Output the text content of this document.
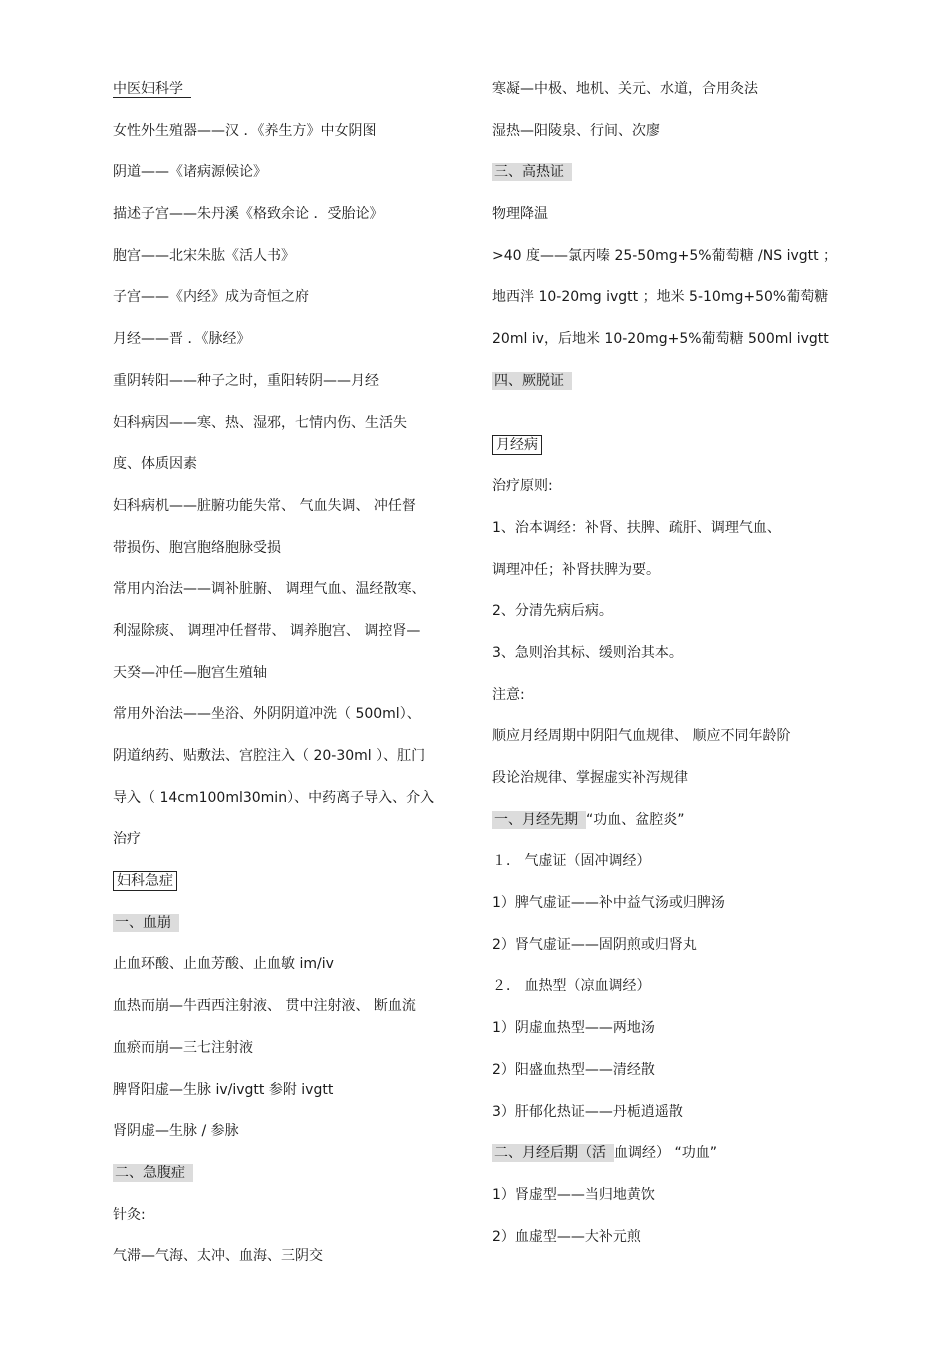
中医妇科学
女性外生殖器——汉 ．《养生方》中女阴图
阴道——《诸病源候论》
描述子宫——朱丹溪《格致余论 ．受胎论》
胞宫——北宋朱肱《活人书》
子宫——《内经》成为奇恒之府
月经——晋 ．《脉经》
重阴转阳——种子之时，重阳转阴——月经
妇科病因——寒、热、湿邪，七情内伤、生活失
度、体质因素
妇科病机——脏腑功能失常、 气血失调、 冲任督
带损伤、胞宫胞络胞脉受损
常用内治法——调补脏腑、 调理气血、温经散寒、
利湿除痰、 调理冲任督带、 调养胞宫、 调控肾—
天癸—冲任—胞宫生殖轴
常用外治法——坐浴、外阴阴道冲洗（ 500ml）、
阴道纳药、贴敷法、宫腔注入（ 20-30ml ）、肛门
导入（ 14cm100ml30min）、中药离子导入、介入
治疗
妇科急症
一、血崩
止血环酸、止血芳酸、止血敏 im/iv
血热而崩—牛西西注射液、 贯中注射液、 断血流
血瘀而崩—三七注射液
脾肾阳虚—生脉 iv/ivgtt 参附 ivgtt
肾阴虚—生脉 / 参脉
二、急腹症
针灸:
气滞—气海、太冲、血海、三阴交
寒凝—中极、地机、关元、水道，合用灸法
湿热—阳陵泉、行间、次廖
三、高热证
物理降温
>40 度——氯丙嗪 25-50mg+5%葡萄糖 /NS ivgtt ；
地西泮 10-20mg ivgtt ；地米 5-10mg+50%葡萄糖
20ml iv，后地米 10-20mg+5%葡萄糖 500ml ivgtt
四、厥脱证
月经病
治疗原则:
1、治本调经：补肾、扶脾、疏肝、调理气血、
调理冲任；补肾扶脾为要。
2、分清先病后病。
3、急则治其标、缓则治其本。
注意:
顺应月经周期中阴阳气血规律、 顺应不同年龄阶
段论治规律、掌握虚实补泻规律
一、月经先期 “功血、盆腔炎”
１． 气虚证（固冲调经）
1）脾气虚证——补中益气汤或归脾汤
2）肾气虚证——固阴煎或归肾丸
２． 血热型（凉血调经）
1）阴虚血热型——两地汤
2）阳盛血热型——清经散
3）肝郁化热证——丹栀逍遥散
二、月经后期（活 血调经） “功血”
1）肾虚型——当归地黄饮
2）血虚型——大补元煎
